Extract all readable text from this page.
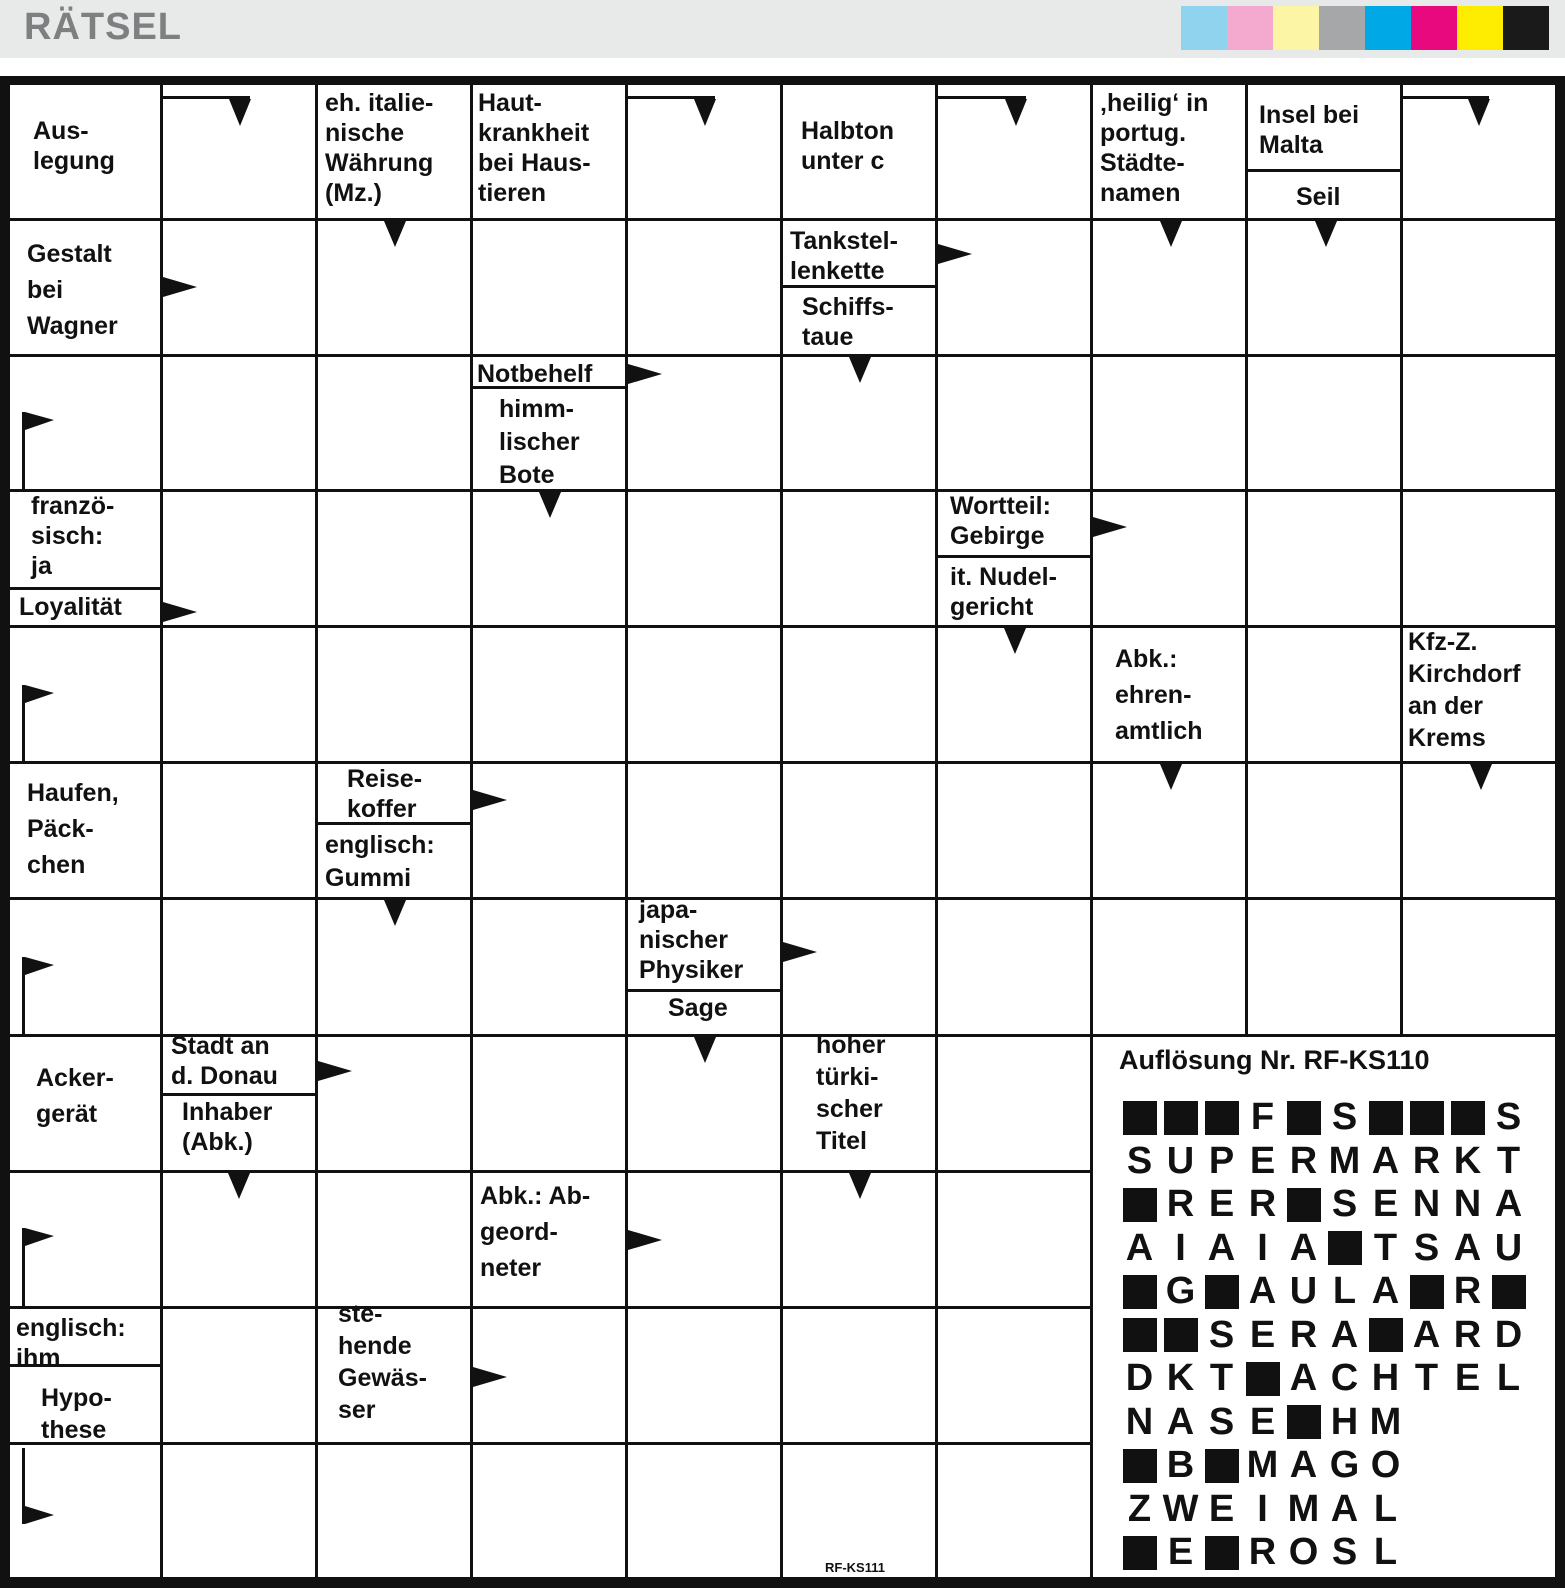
RÄTSEL
Aus-
legung
eh. italie-
nische
Währung
(Mz.)
Haut-
krankheit
bei Haus-
tieren
Halbton
unter c
‚heilig‘ in
portug.
Städte-
namen
Insel bei
Malta
Seil
Gestalt
bei
Wagner
Tankstel-
lenkette
Schiffs-
taue
Notbehelf
himm-
lischer
Bote
franzö-
sisch:
ja
Loyalität
Wortteil:
Gebirge
it. Nudel-
gericht
Abk.:
ehren-
amtlich
Kfz-Z.
Kirchdorf
an der
Krems
Haufen,
Päck-
chen
Reise-
koffer
englisch:
Gummi
japa-
nischer
Physiker
Sage
Acker-
gerät
Stadt an
d. Donau
Inhaber
(Abk.)
hoher
türki-
scher
Titel
Abk.: Ab-
geord-
neter
englisch:
ihm
Hypo-
these
ste-
hende
Gewäs-
ser
Auflösung Nr. RF-KS110
F S	S
S U P E R M A R K T
R E R S E N N A
A I A I A T S A U
G A U L A R
S E R A A R D
D K T A C H T E L
N A S E H M
B M A G O
Z W E I M A L
E R O S L
RF-KS111
